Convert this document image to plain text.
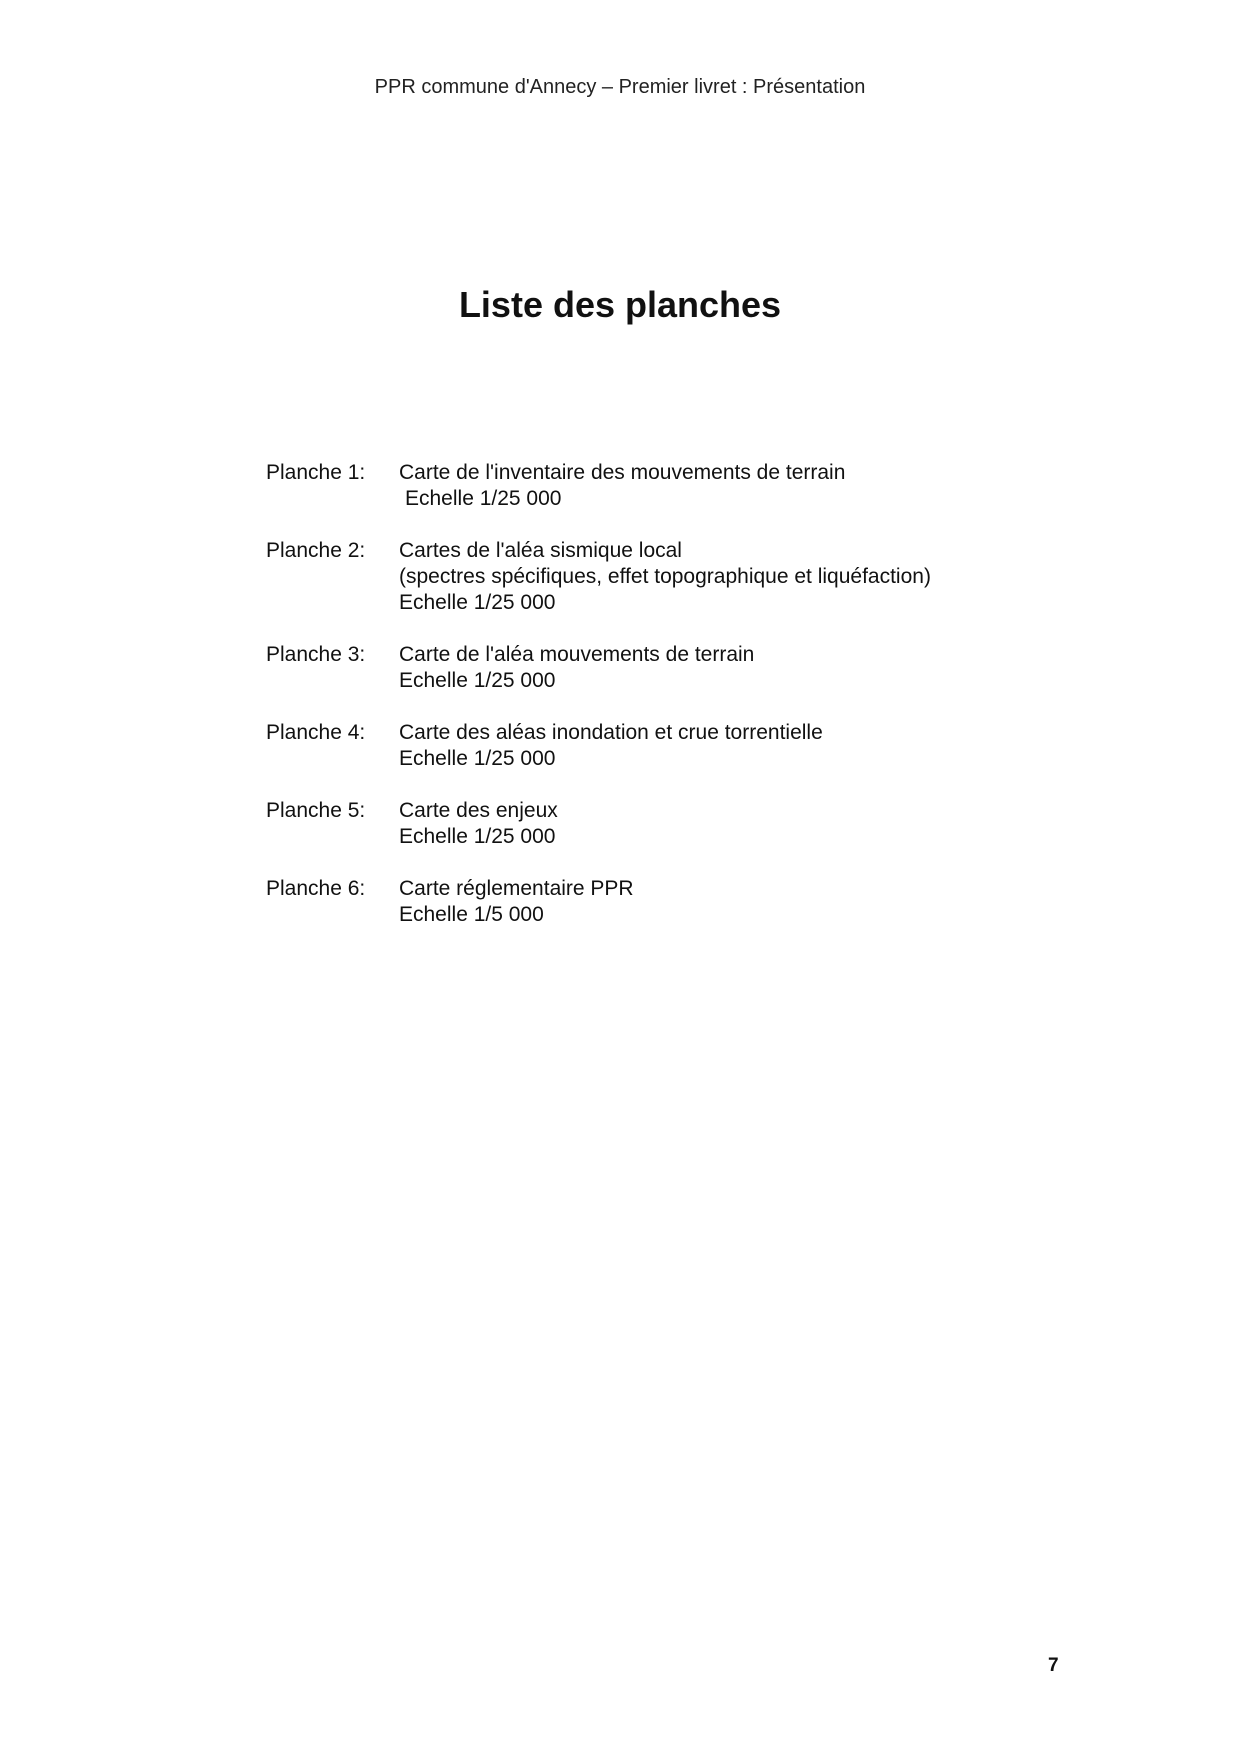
PPR commune d'Annecy – Premier livret : Présentation
Liste des planches
Planche 1:	Carte de l'inventaire des mouvements de terrain
Echelle 1/25 000
Planche 2:	Cartes de l'aléa sismique local
(spectres spécifiques, effet topographique et liquéfaction)
Echelle 1/25 000
Planche 3:	Carte de l'aléa mouvements de terrain
Echelle 1/25 000
Planche 4:	Carte des aléas inondation et crue torrentielle
Echelle 1/25 000
Planche 5:	Carte des enjeux
Echelle 1/25 000
Planche 6:	Carte réglementaire PPR
Echelle 1/5 000
7
